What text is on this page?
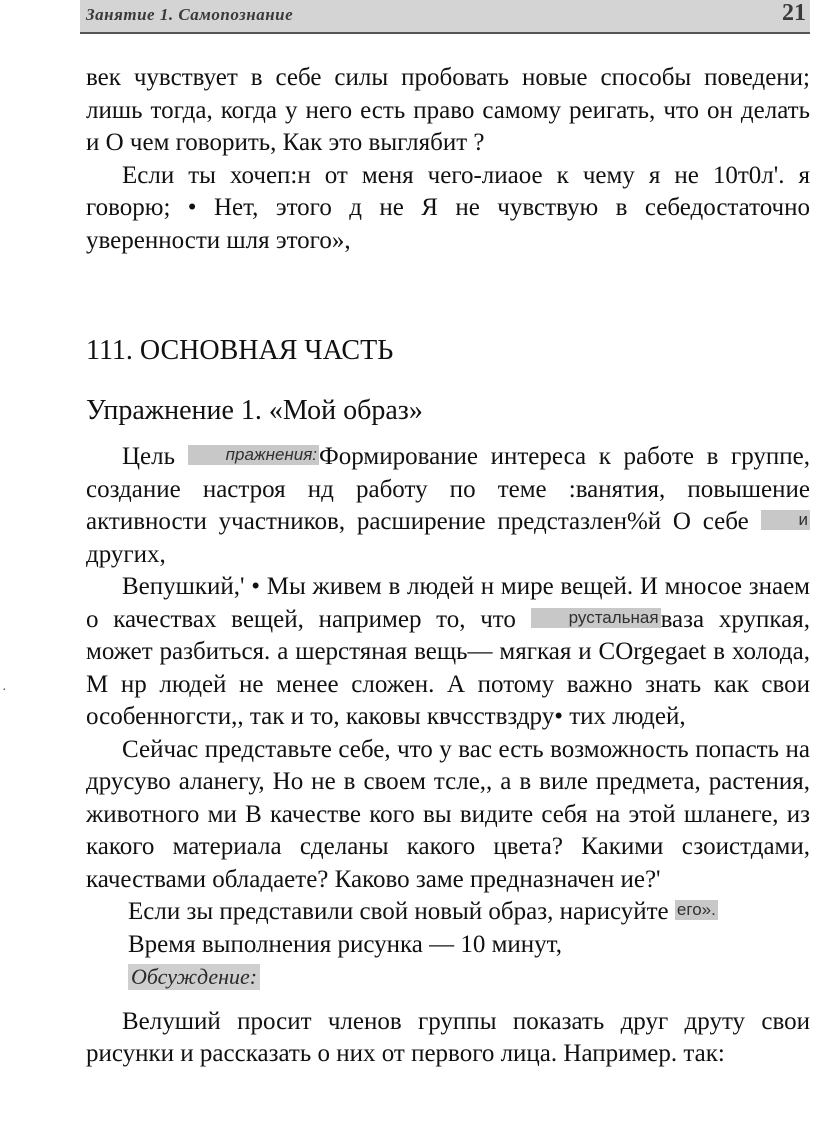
Занятие 1. Самопознание	21
·

век чувствует в себе силы пробовать новые способы поведени; лишь тогда, когда у него есть право самому реигать, что он делать и О чем говорить, Как это выглябит ?

Если ты хочеп:н от меня чего-лиаое к чему я не 10т0л'. я говорю; • Нет, этого д не Я не чувствую в себедостаточно уверенности шля этого»,

111. ОСНОВНАЯ ЧАСТЬ
Упражнение 1. «Мой образ»

Цель пражнения:Формирование интереса к работе в группе, создание настроя нд работу по теме :ванятия, повышение активности участников, расширение предстазлен%й О себе идругих,

Вепушкий,' • Мы живем в людей н мире вещей. И мносое знаем о качествах вещей, например то, что рустальнаяваза хрупкая, может разбиться. а шерстяная вещь— мягкая и СОrgegaet в холода, М нр людей не менее сложен. А потому важно знать как свои особенногсти,, так и то, каковы квчсствздру• тих людей,

Сейчас представьте себе, что у вас есть возможность попасть на друсуво аланегу, Но не в своем тсле,, а в виле предмета, растения, животного ми В качестве кого вы видите себя на этой шланеге, из какого материала сделаны какого цвета? Какими сзоистдами, качествами обладаете? Каково заме предназначен ие?'

Если зы представили свой новый образ, нарисуйте его».

Время выполнения рисунка — 10 минут,

Обсуждение:

Велуший просит членов группы показать друг друту свои рисунки и рассказать о них от первого лица. Например. так:
